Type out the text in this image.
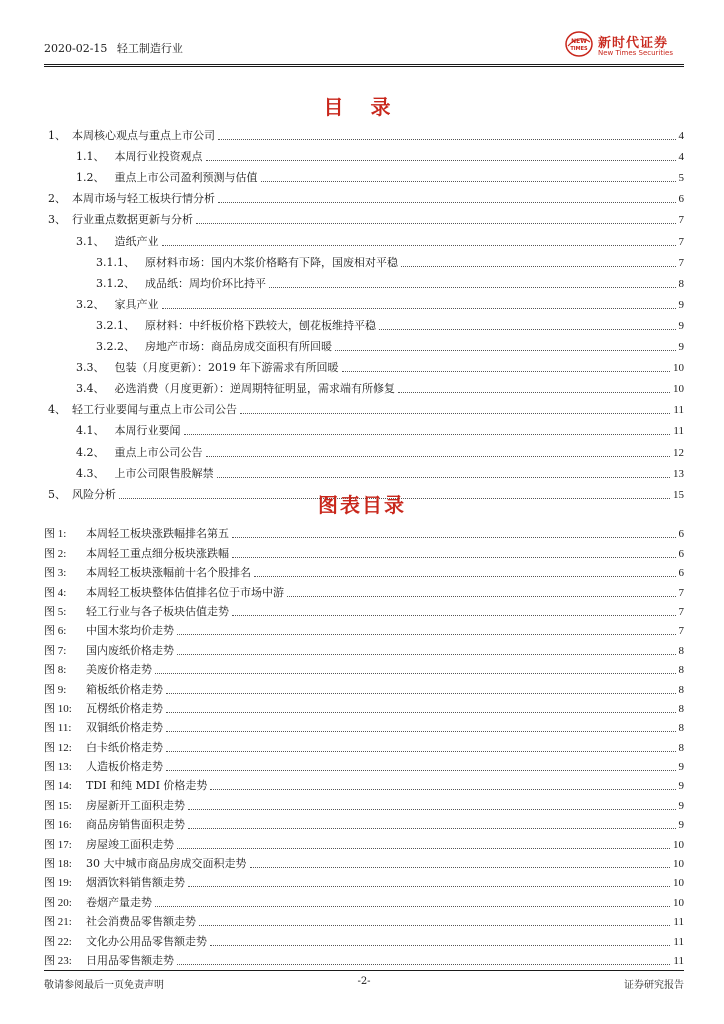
2020-02-15 轻工制造行业
NEW
TIMES 新时代证券
New Times Securities
目 录
1、 本周核心观点与重点上市公司	4
1.1、 本周行业投资观点	4
1.2、 重点上市公司盈利预测与估值	5
2、 本周市场与轻工板块行情分析	6
3、 行业重点数据更新与分析	7
3.1、 造纸产业	7
3.1.1、 原材料市场：国内木浆价格略有下降，国废相对平稳	7
3.1.2、 成品纸：周均价环比持平	8
3.2、 家具产业	9
3.2.1、 原材料：中纤板价格下跌较大，刨花板维持平稳	9
3.2.2、 房地产市场：商品房成交面积有所回暖	9
3.3、 包装（月度更新）：2019 年下游需求有所回暖	10
3.4、 必选消费（月度更新）：逆周期特征明显，需求端有所修复	10
4、 轻工行业要闻与重点上市公司公告	11
4.1、 本周行业要闻	11
4.2、 重点上市公司公告	12
4.3、 上市公司限售股解禁	13
5、 风险分析	15
图表目录
图 1:	本周轻工板块涨跌幅排名第五	6
图 2:	本周轻工重点细分板块涨跌幅	6
图 3:	本周轻工板块涨幅前十名个股排名	6
图 4:	本周轻工板块整体估值排名位于市场中游	7
图 5:	轻工行业与各子板块估值走势	7
图 6:	中国木浆均价走势	7
图 7:	国内废纸价格走势	8
图 8:	美废价格走势	8
图 9:	箱板纸价格走势	8
图 10:	瓦楞纸价格走势	8
图 11:	双铜纸价格走势	8
图 12:	白卡纸价格走势	8
图 13:	人造板价格走势	9
图 14:	TDI 和纯 MDI 价格走势	9
图 15:	房屋新开工面积走势	9
图 16:	商品房销售面积走势	9
图 17:	房屋竣工面积走势	10
图 18:	30 大中城市商品房成交面积走势	10
图 19:	烟酒饮料销售额走势	10
图 20:	卷烟产量走势	10
图 21:	社会消费品零售额走势	11
图 22:	文化办公用品零售额走势	11
图 23:	日用品零售额走势	11
敬请参阅最后一页免责声明	-2-	证券研究报告
